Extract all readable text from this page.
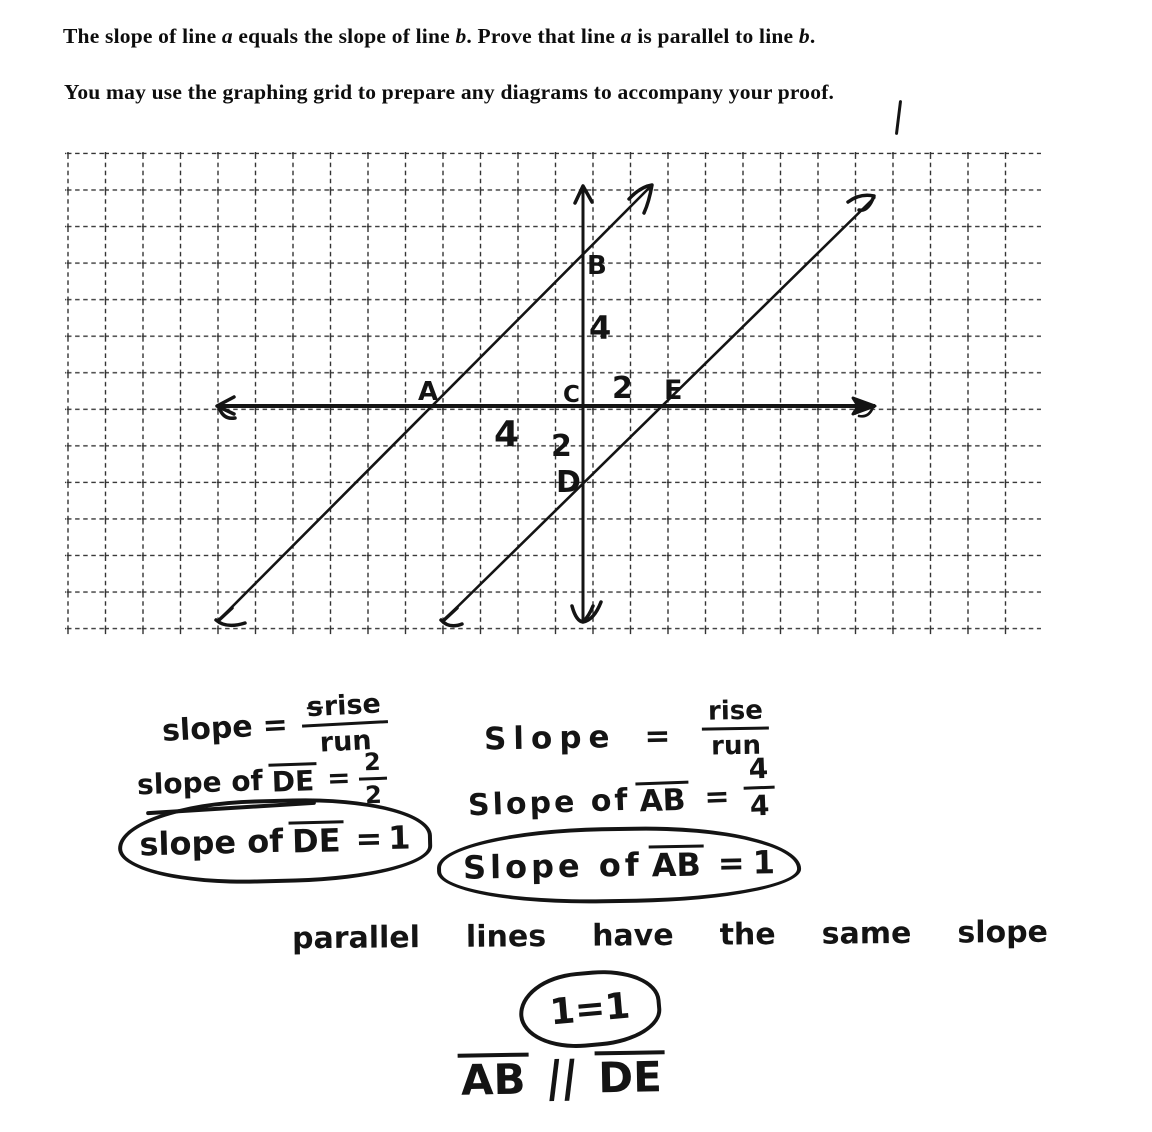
The slope of line a equals the slope of line b. Prove that line a is parallel to line b.

You may use the graphing grid to prepare any diagrams to accompany your proof.

A
B
4
C 2 E
4 2
D
slope = $\frac{\text{srise}}{\text{run}}$
slope of DE = $\frac{2}{2}$
slope of DE = 1
Slope = $\frac{\text{rise}}{\text{run}}$
Slope of AB = $\frac{4}{4}$
Slope of AB = 1
parallel lines have the same slope
1=1
AB || DE
